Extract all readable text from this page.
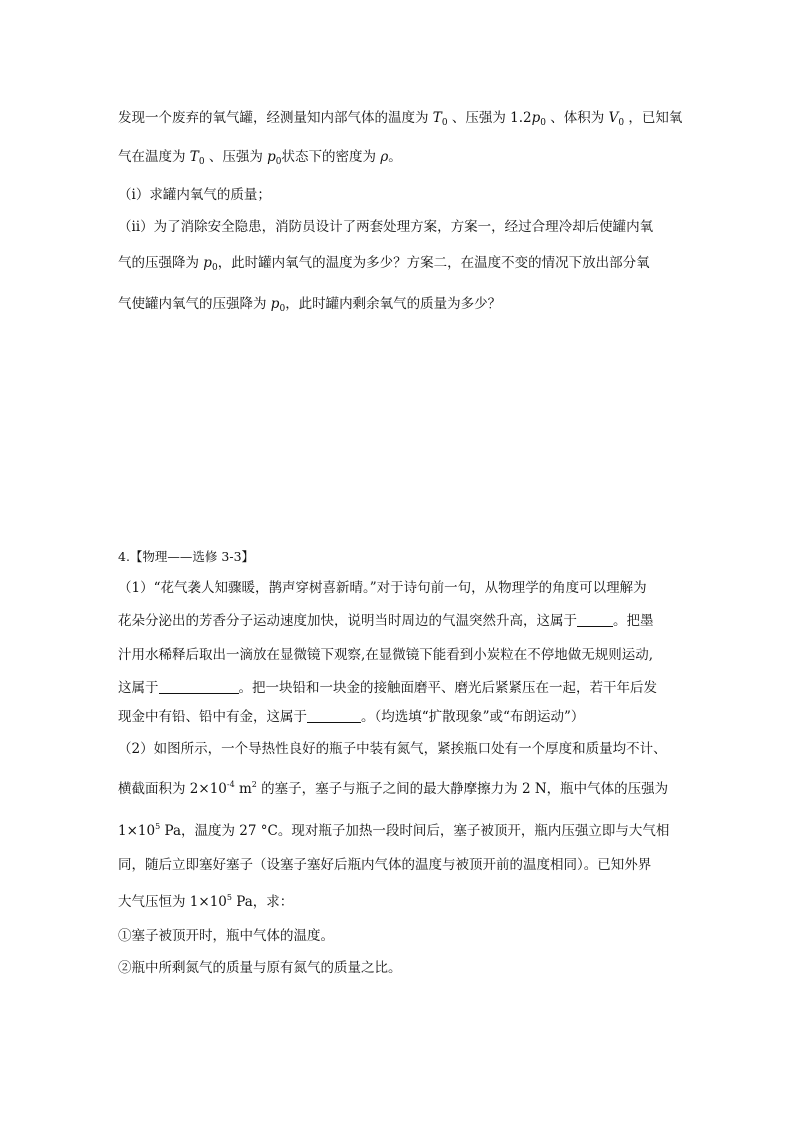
发现一个废弃的氧气罐，经测量知内部气体的温度为 $T_0$ 、压强为 $1.2p_0$ 、体积为 $V_0$ ，已知氧
气在温度为 $T_0$ 、压强为 $p_0$状态下的密度为 ρ。
（i）求罐内氧气的质量；
（ⅱ）为了消除安全隐患，消防员设计了两套处理方案，方案一，经过合理冷却后使罐内氧
气的压强降为 $p_0$，此时罐内氧气的温度为多少？方案二，在温度不变的情况下放出部分氧
气使罐内氧气的压强降为 $p_0$，此时罐内剩余氧气的质量为多少？
4.【物理——选修 3-3】
（1）“花气袭人知骤暖，鹊声穿树喜新晴。”对于诗句前一句，从物理学的角度可以理解为
花朵分泌出的芳香分子运动速度加快，说明当时周边的气温突然升高，这属于	。把墨
汁用水稀释后取出一滴放在显微镜下观察,在显微镜下能看到小炭粒在不停地做无规则运动,
这属于	。把一块铅和一块金的接触面磨平、磨光后紧紧压在一起，若干年后发
现金中有铅、铅中有金，这属于	。（均选填“扩散现象”或“布朗运动”）
（2）如图所示，一个导热性良好的瓶子中装有氮气，紧挨瓶口处有一个厚度和质量均不计、
横截面积为 $2\times 10^{-4}$ $m^2$ 的塞子，塞子与瓶子之间的最大静摩擦力为 2 N，瓶中气体的压强为
$1\times 10^5$ Pa，温度为 27 °C。现对瓶子加热一段时间后，塞子被顶开，瓶内压强立即与大气相
同，随后立即塞好塞子（设塞子塞好后瓶内气体的温度与被顶开前的温度相同）。已知外界
大气压恒为 $1\times 10^5$ Pa，求：
①塞子被顶开时，瓶中气体的温度。
②瓶中所剩氮气的质量与原有氮气的质量之比。
